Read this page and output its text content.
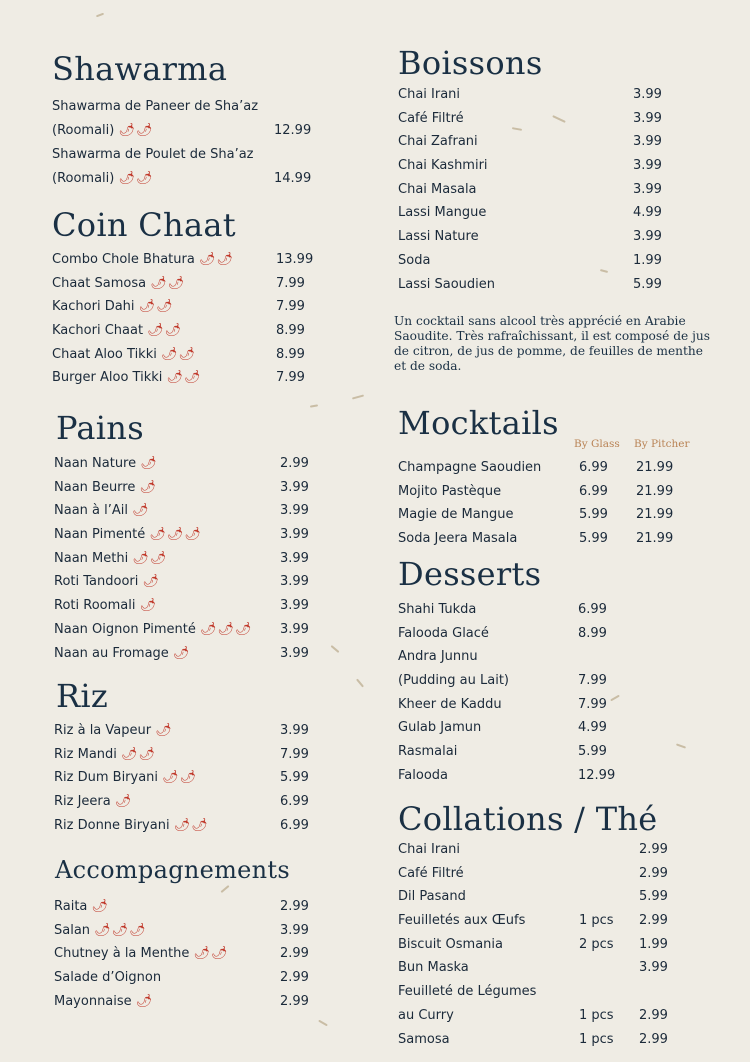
Shawarma
Shawarma de Paneer de Sha’az
(Roomali) 🌶🌶	12.99
Shawarma de Poulet de Sha’az
(Roomali) 🌶🌶	14.99
Coin Chaat
Combo Chole Bhatura 🌶🌶	13.99
Chaat Samosa 🌶🌶	7.99
Kachori Dahi 🌶🌶	7.99
Kachori Chaat 🌶🌶	8.99
Chaat Aloo Tikki 🌶🌶	8.99
Burger Aloo Tikki 🌶🌶	7.99
Pains
Naan Nature 🌶	2.99
Naan Beurre 🌶	3.99
Naan à l’Ail 🌶	3.99
Naan Pimenté 🌶🌶🌶	3.99
Naan Methi 🌶🌶	3.99
Roti Tandoori 🌶	3.99
Roti Roomali 🌶	3.99
Naan Oignon Pimenté 🌶🌶🌶	3.99
Naan au Fromage 🌶	3.99
Riz
Riz à la Vapeur 🌶	3.99
Riz Mandi 🌶🌶	7.99
Riz Dum Biryani 🌶🌶	5.99
Riz Jeera 🌶	6.99
Riz Donne Biryani 🌶🌶	6.99
Accompagnements
Raita 🌶	2.99
Salan 🌶🌶🌶	3.99
Chutney à la Menthe 🌶🌶	2.99
Salade d’Oignon	2.99
Mayonnaise 🌶	2.99
Boissons
Chai Irani	3.99
Café Filtré	3.99
Chai Zafrani	3.99
Chai Kashmiri	3.99
Chai Masala	3.99
Lassi Mangue	4.99
Lassi Nature	3.99
Soda	1.99
Lassi Saoudien	5.99

Un cocktail sans alcool très apprécié en Arabie Saoudite. Très rafraîchissant, il est composé de jus de citron, de jus de pomme, de feuilles de menthe et de soda.

Mocktails
By Glass By Pitcher
Champagne Saoudien	6.99 21.99
Mojito Pastèque	6.99 21.99
Magie de Mangue	5.99 21.99
Soda Jeera Masala	5.99 21.99
Desserts
Shahi Tukda	6.99
Falooda Glacé	8.99
Andra Junnu
(Pudding au Lait)	7.99
Kheer de Kaddu	7.99
Gulab Jamun	4.99
Rasmalai	5.99
Falooda	12.99
Collations / Thé
Chai Irani	2.99
Café Filtré	2.99
Dil Pasand	5.99
Feuilletés aux Œufs	1 pcs 2.99
Biscuit Osmania	2 pcs 1.99
Bun Maska	3.99
Feuilleté de Légumes
au Curry	1 pcs 2.99
Samosa	1 pcs 2.99
